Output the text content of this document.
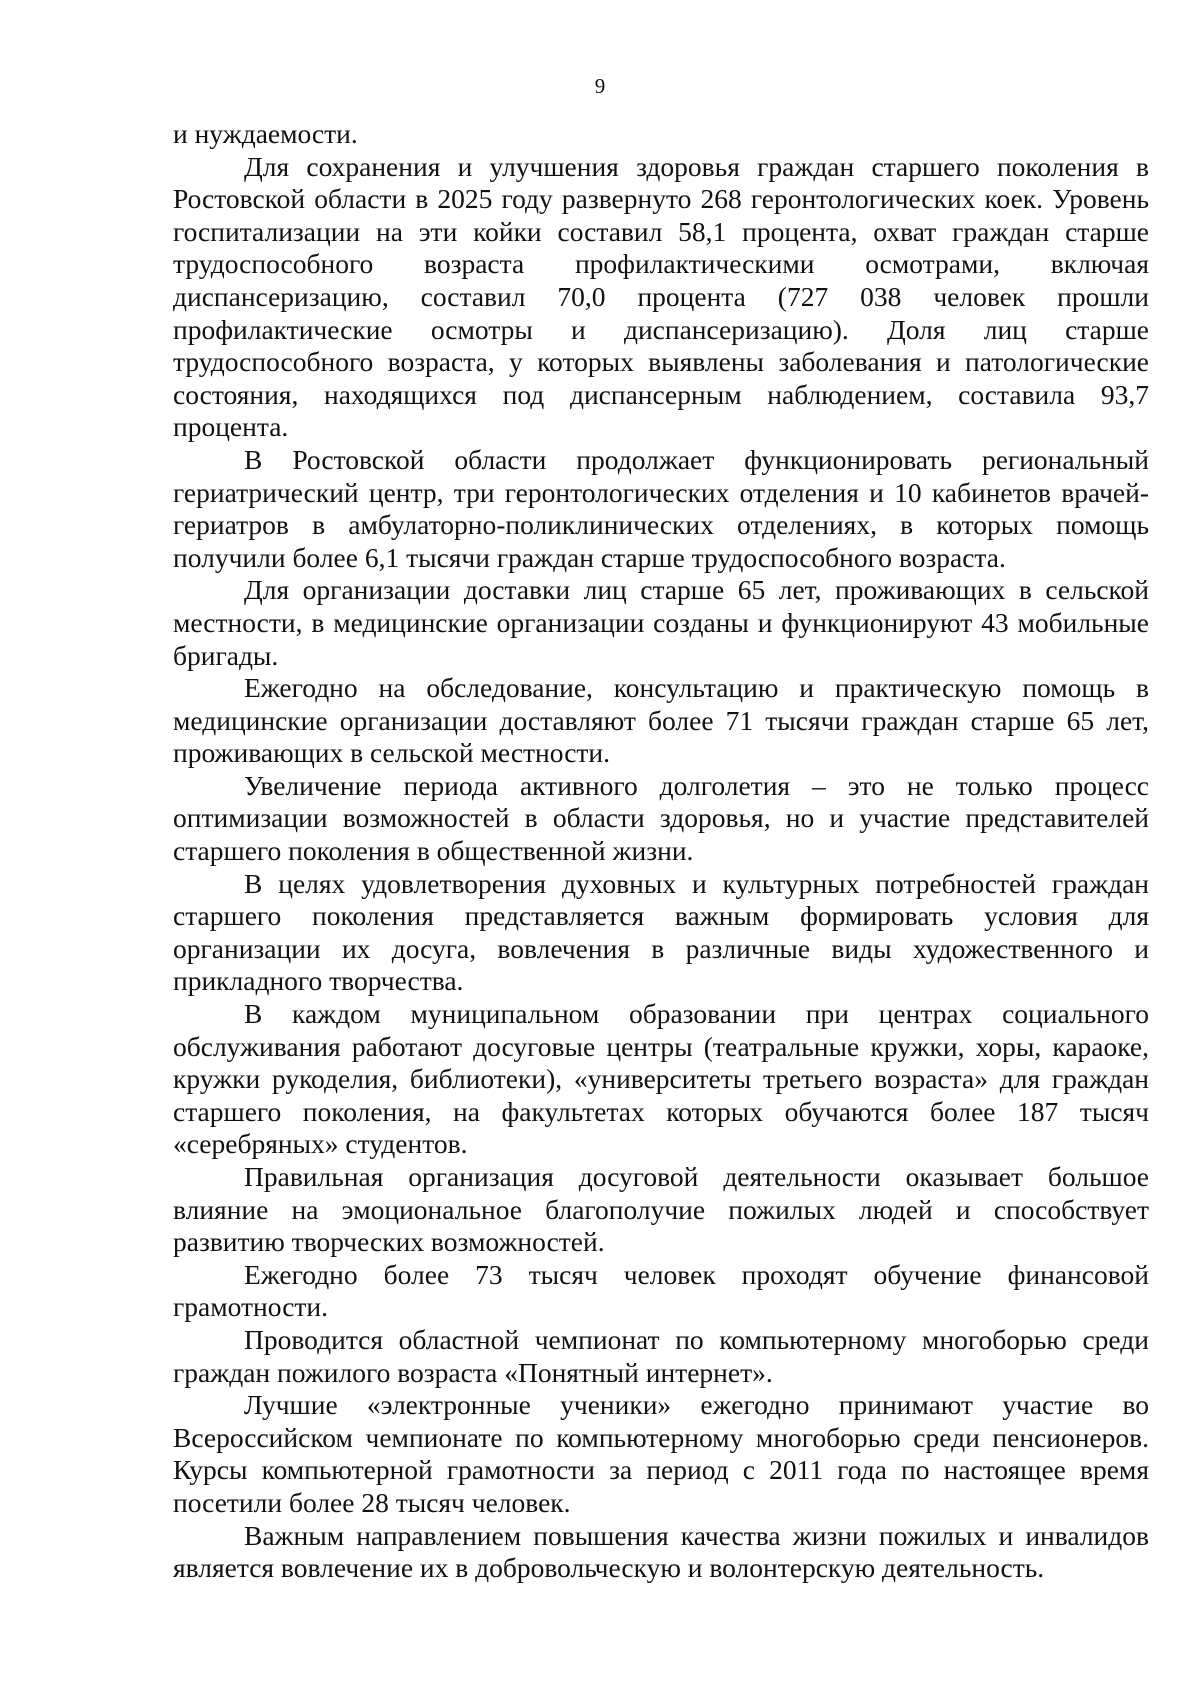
9

и нуждаемости.

Для сохранения и улучшения здоровья граждан старшего поколения в Ростовской области в 2025 году развернуто 268 геронтологических коек. Уровень госпитализации на эти койки составил 58,1 процента, охват граждан старше трудоспособного возраста профилактическими осмотрами, включая диспансеризацию, составил 70,0 процента (727 038 человек прошли профилактические осмотры и диспансеризацию). Доля лиц старше трудоспособного возраста, у которых выявлены заболевания и патологические состояния, находящихся под диспансерным наблюдением, составила 93,7 процента.

В Ростовской области продолжает функционировать региональный гериатрический центр, три геронтологических отделения и 10 кабинетов врачей-гериатров в амбулаторно-поликлинических отделениях, в которых помощь получили более 6,1 тысячи граждан старше трудоспособного возраста.

Для организации доставки лиц старше 65 лет, проживающих в сельской местности, в медицинские организации созданы и функционируют 43 мобильные бригады.

Ежегодно на обследование, консультацию и практическую помощь в медицинские организации доставляют более 71 тысячи граждан старше 65 лет, проживающих в сельской местности.

Увеличение периода активного долголетия – это не только процесс оптимизации возможностей в области здоровья, но и участие представителей старшего поколения в общественной жизни.

В целях удовлетворения духовных и культурных потребностей граждан старшего поколения представляется важным формировать условия для организации их досуга, вовлечения в различные виды художественного и прикладного творчества.

В каждом муниципальном образовании при центрах социального обслуживания работают досуговые центры (театральные кружки, хоры, караоке, кружки рукоделия, библиотеки), «университеты третьего возраста» для граждан старшего поколения, на факультетах которых обучаются более 187 тысяч «серебряных» студентов.

Правильная организация досуговой деятельности оказывает большое влияние на эмоциональное благополучие пожилых людей и способствует развитию творческих возможностей.

Ежегодно более 73 тысяч человек проходят обучение финансовой грамотности.

Проводится областной чемпионат по компьютерному многоборью среди граждан пожилого возраста «Понятный интернет».

Лучшие «электронные ученики» ежегодно принимают участие во Всероссийском чемпионате по компьютерному многоборью среди пенсионеров. Курсы компьютерной грамотности за период с 2011 года по настоящее время посетили более 28 тысяч человек.

Важным направлением повышения качества жизни пожилых и инвалидов является вовлечение их в добровольческую и волонтерскую деятельность.
